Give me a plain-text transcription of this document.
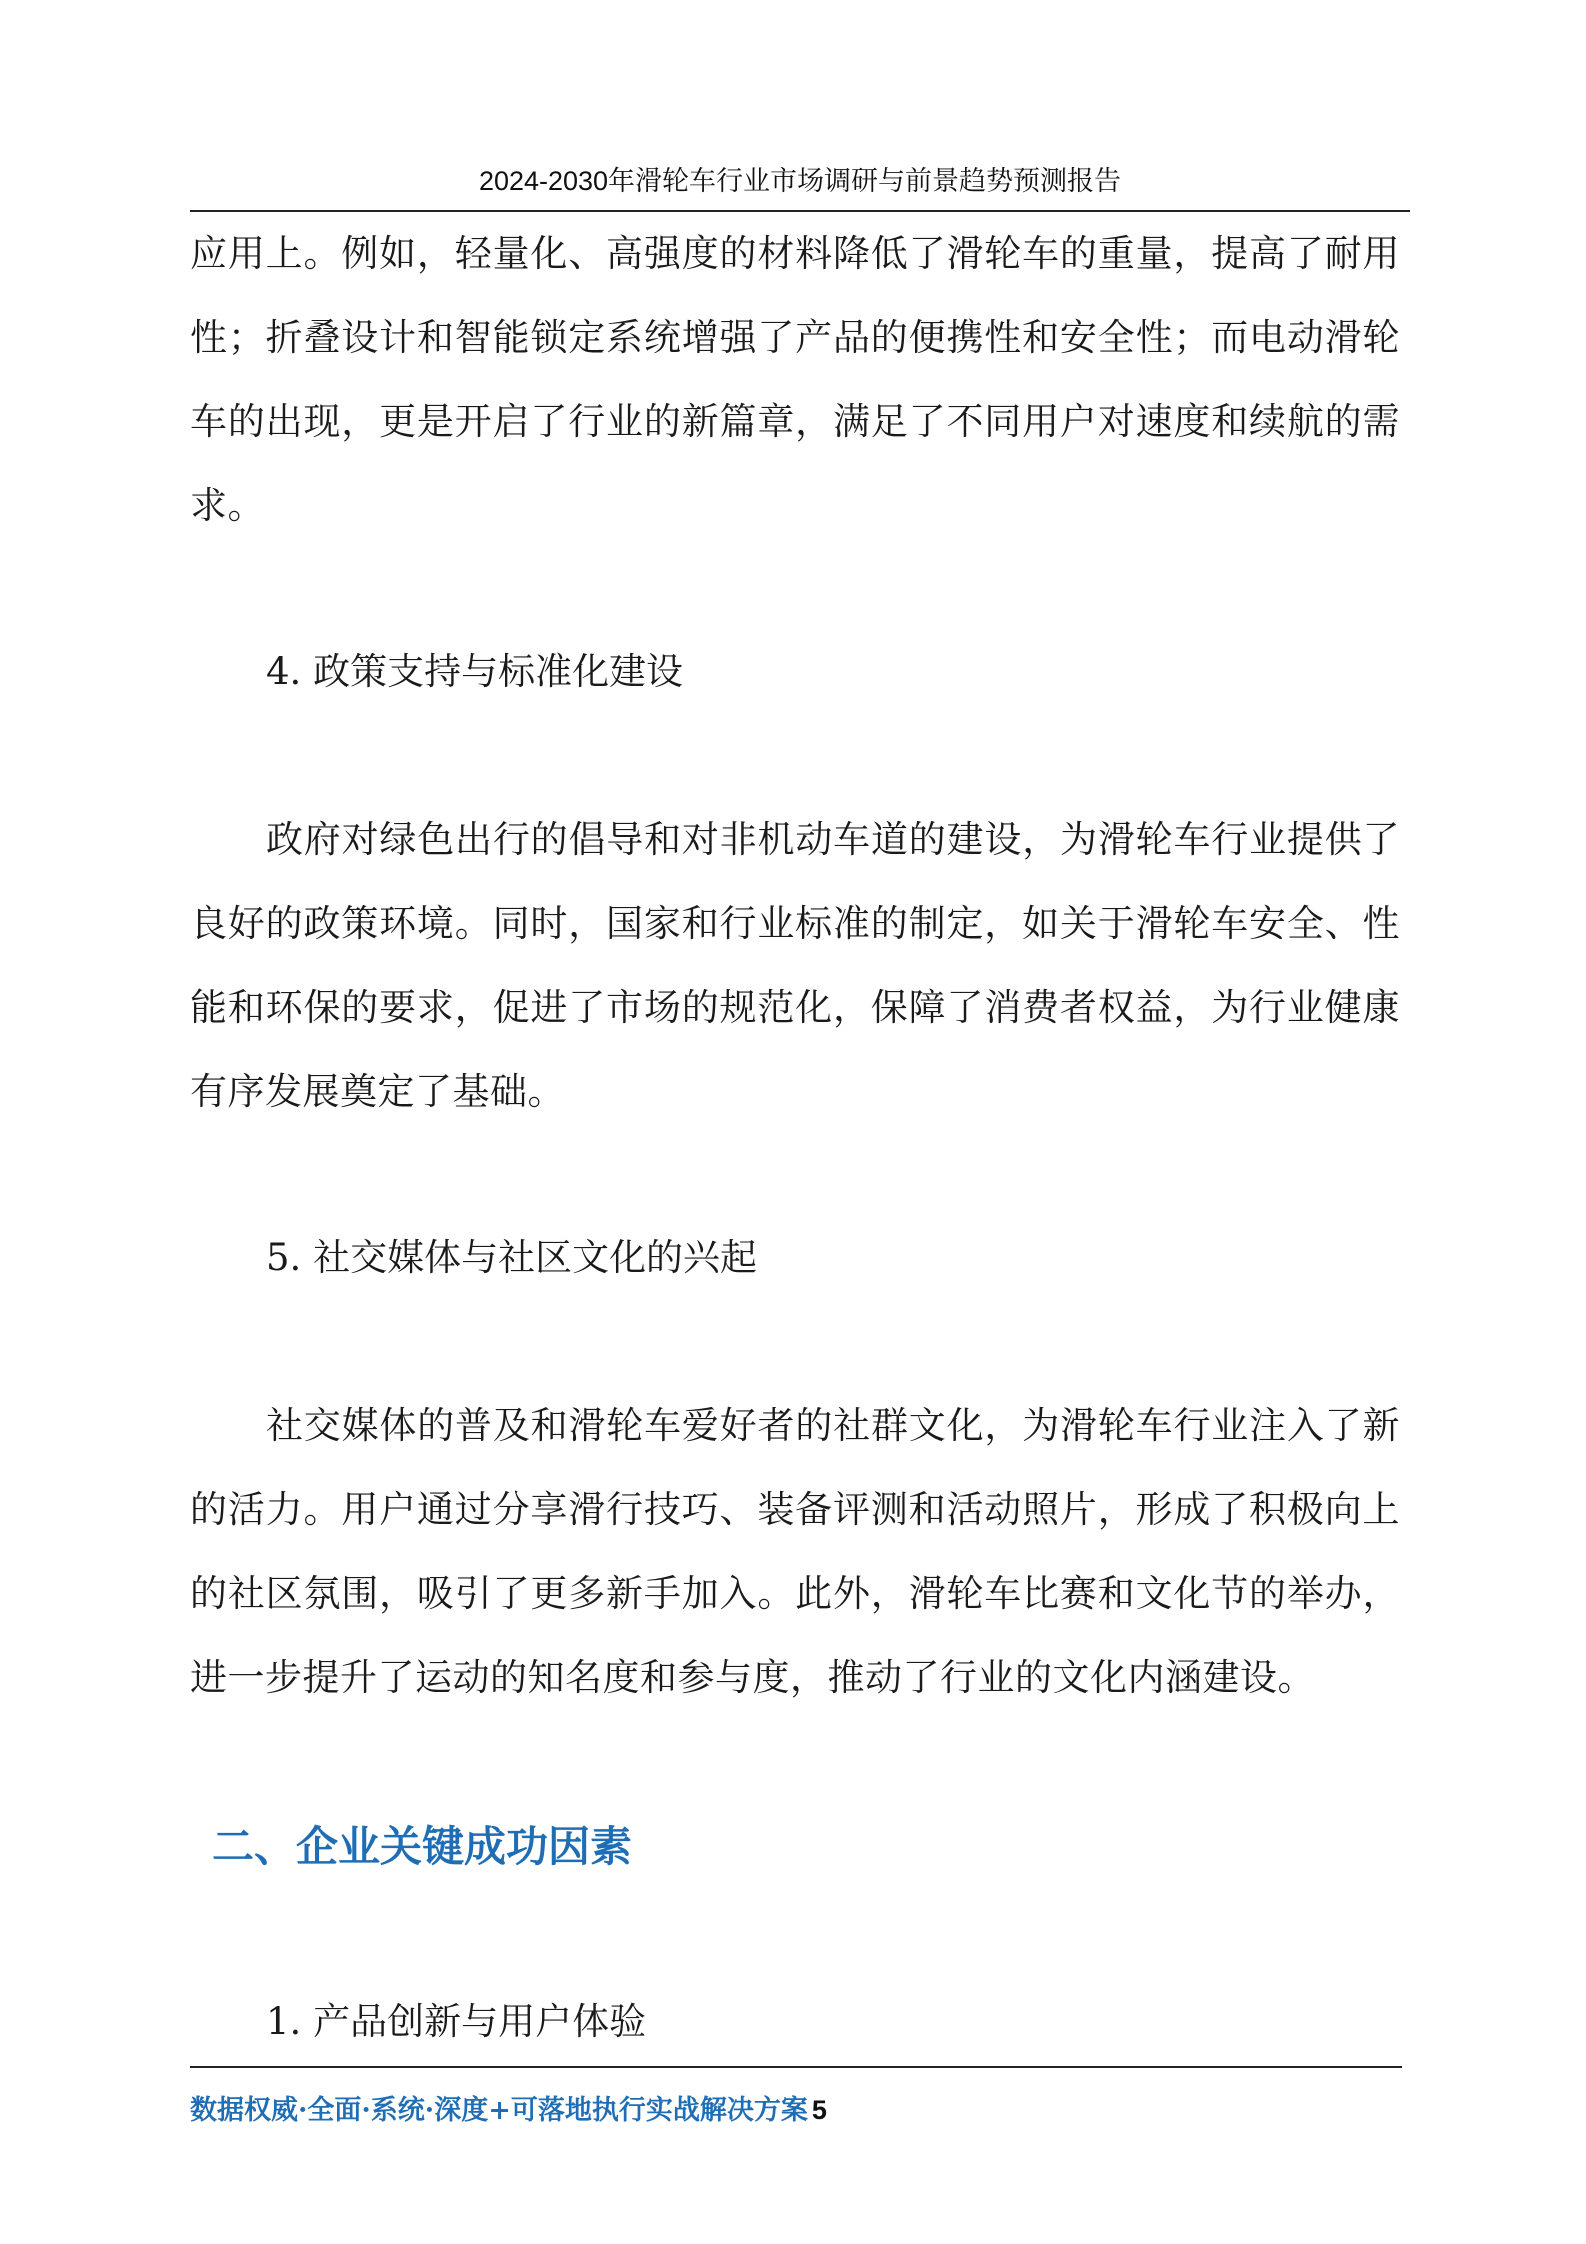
2024-2030年滑轮车行业市场调研与前景趋势预测报告

应用上。例如，轻量化、高强度的材料降低了滑轮车的重量，提高了耐用性；折叠设计和智能锁定系统增强了产品的便携性和安全性；而电动滑轮车的出现，更是开启了行业的新篇章，满足了不同用户对速度和续航的需求。

4. 政策支持与标准化建设

政府对绿色出行的倡导和对非机动车道的建设，为滑轮车行业提供了良好的政策环境。同时，国家和行业标准的制定，如关于滑轮车安全、性能和环保的要求，促进了市场的规范化，保障了消费者权益，为行业健康有序发展奠定了基础。

5. 社交媒体与社区文化的兴起

社交媒体的普及和滑轮车爱好者的社群文化，为滑轮车行业注入了新的活力。用户通过分享滑行技巧、装备评测和活动照片，形成了积极向上的社区氛围，吸引了更多新手加入。此外，滑轮车比赛和文化节的举办，进一步提升了运动的知名度和参与度，推动了行业的文化内涵建设。

二、企业关键成功因素

1. 产品创新与用户体验

数据权威·全面·系统·深度+可落地执行实战解决方案 5
